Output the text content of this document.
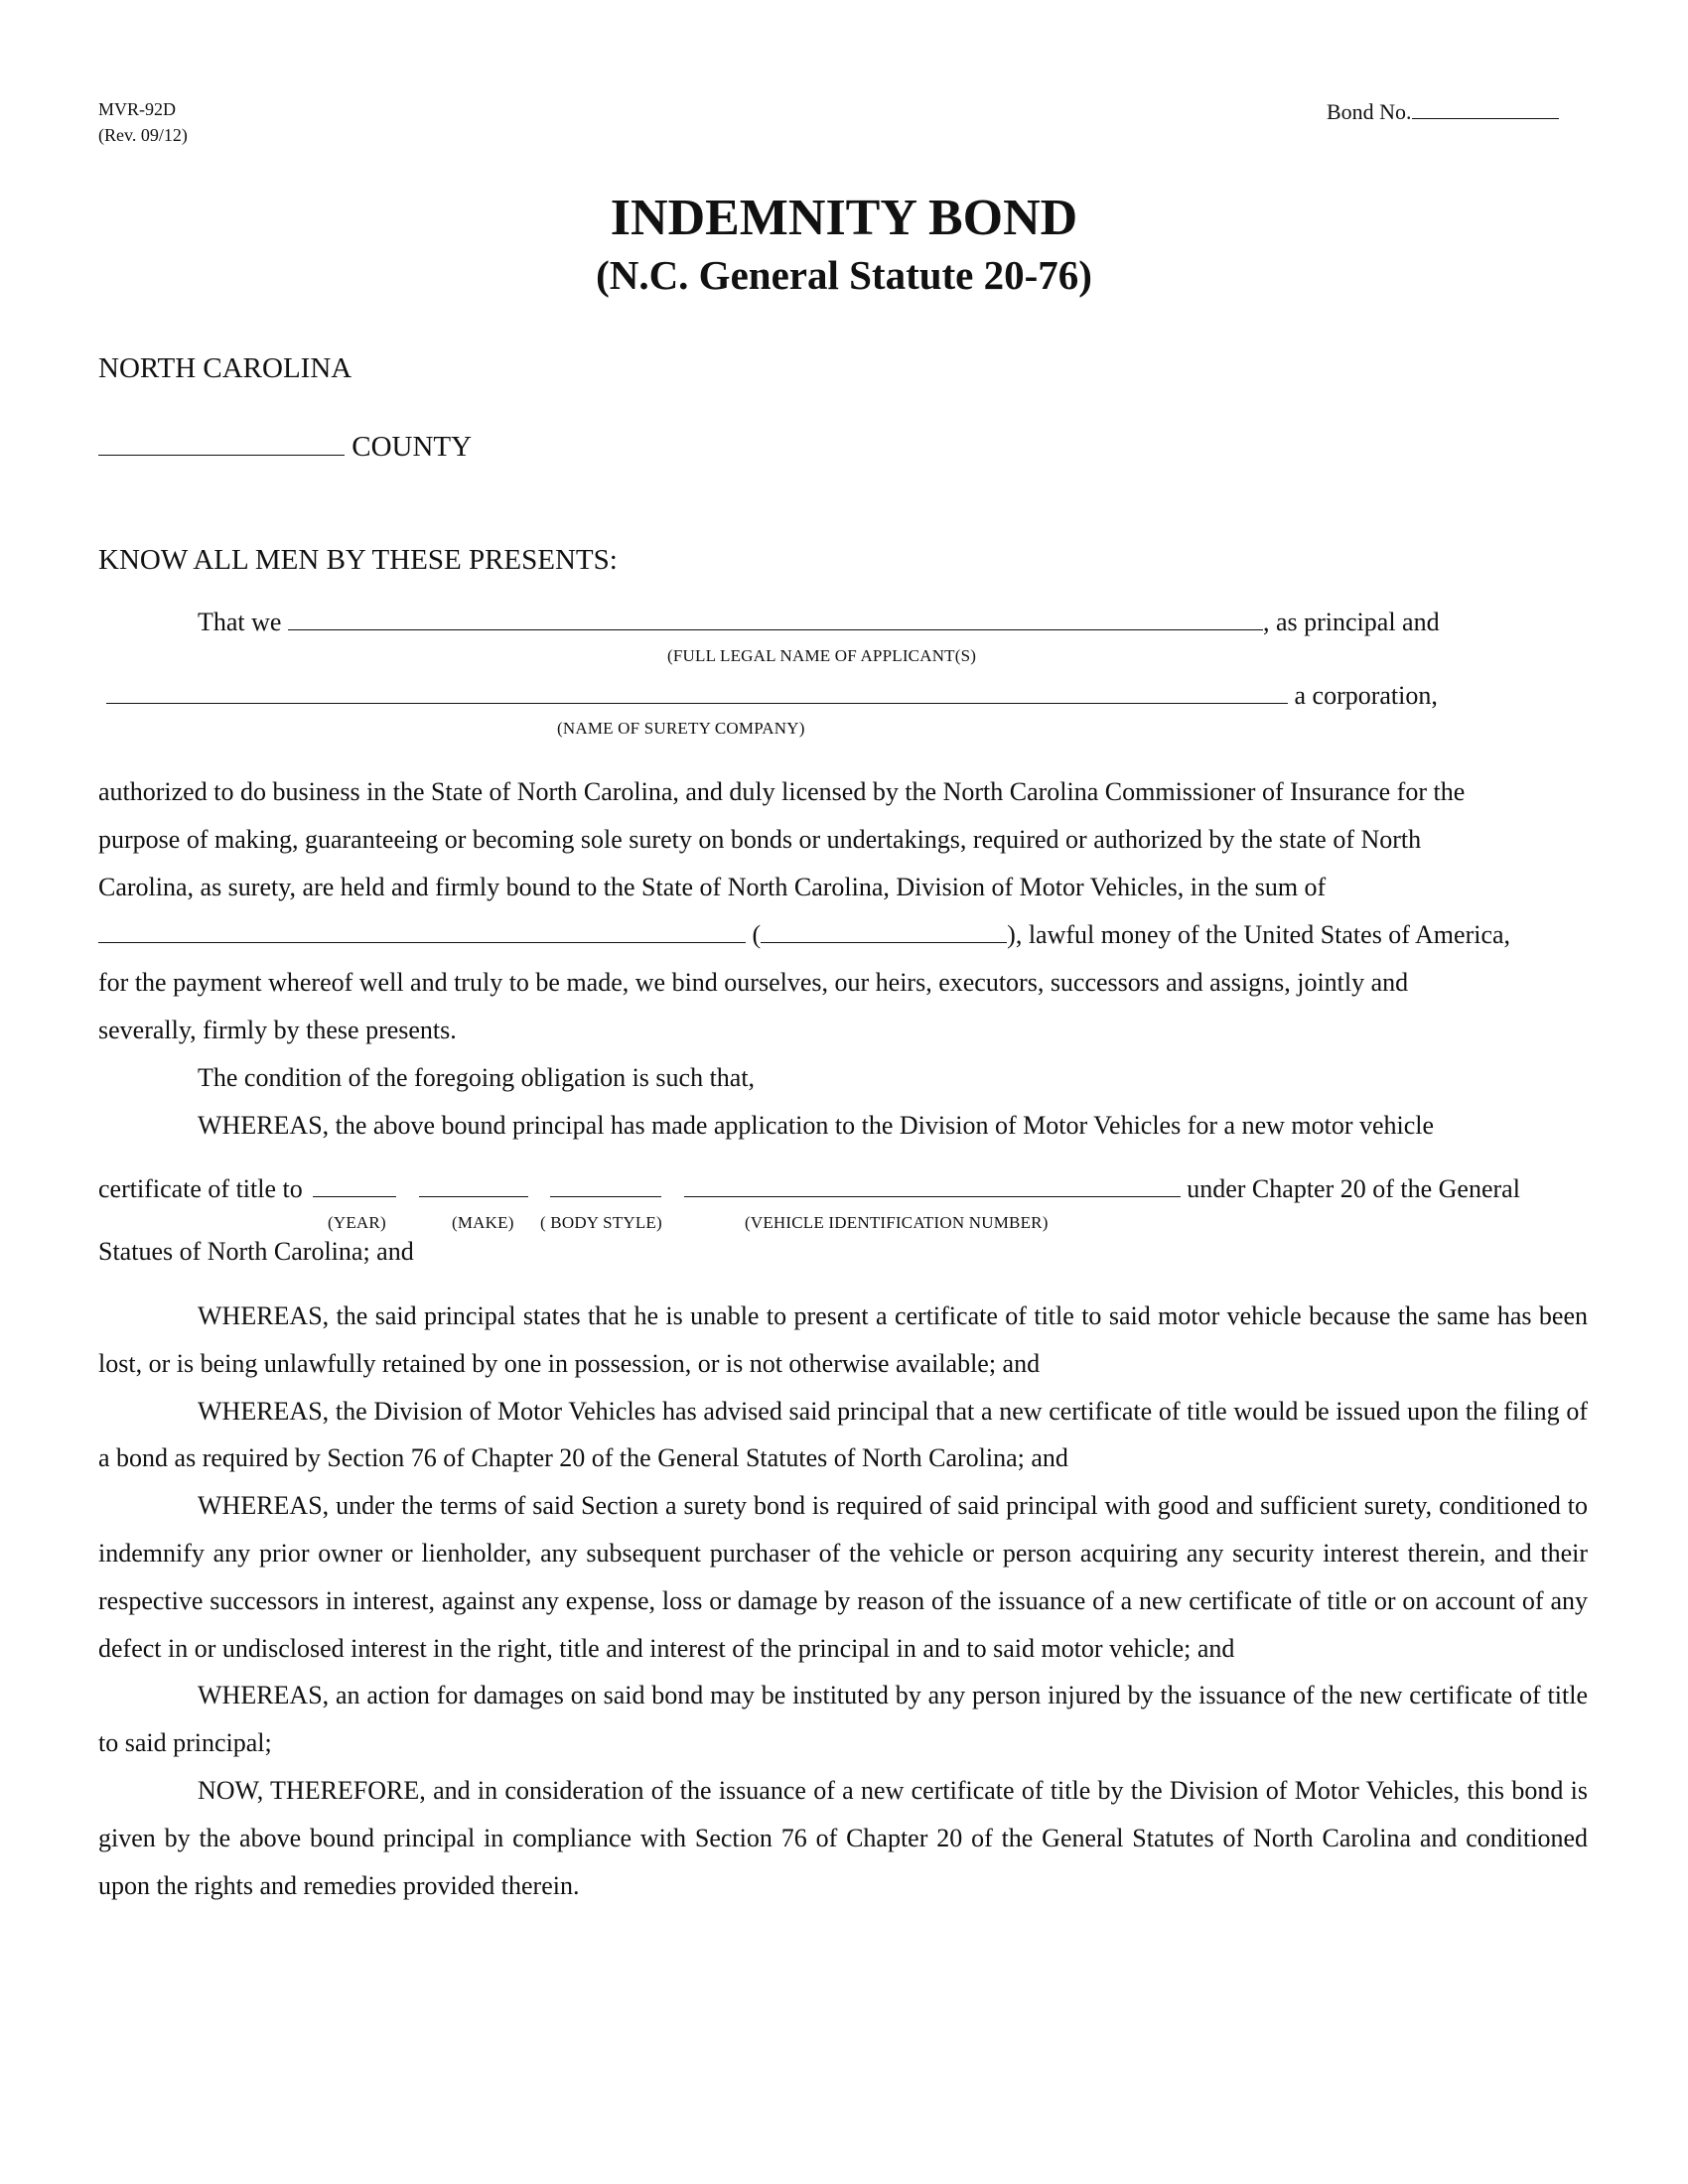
MVR-92D
(Rev. 09/12)
Bond No.
INDEMNITY BOND
(N.C. General Statute 20-76)
NORTH CAROLINA
COUNTY
KNOW ALL MEN BY THESE PRESENTS:
That we	, as principal and
(FULL LEGAL NAME OF APPLICANT(S)
a corporation,
(NAME OF SURETY COMPANY)
authorized to do business in the State of North Carolina, and duly licensed by the North Carolina Commissioner of Insurance for the
purpose of making, guaranteeing or becoming sole surety on bonds or undertakings, required or authorized by the state of North
Carolina, as surety, are held and firmly bound to the State of North Carolina, Division of Motor Vehicles, in the sum of
(	), lawful money of the United States of America,
for the payment whereof well and truly to be made, we bind ourselves, our heirs, executors, successors and assigns, jointly and
severally, firmly by these presents.
The condition of the foregoing obligation is such that,
WHEREAS, the above bound principal has made application to the Division of Motor Vehicles for a new motor vehicle
certificate of title to	under Chapter 20 of the General
(YEAR)	(MAKE) ( BODY STYLE)	(VEHICLE IDENTIFICATION NUMBER)
Statues of North Carolina; and

WHEREAS, the said principal states that he is unable to present a certificate of title to said motor vehicle because the same has been lost, or is being unlawfully retained by one in possession, or is not otherwise available; and

WHEREAS, the Division of Motor Vehicles has advised said principal that a new certificate of title would be issued upon the filing of a bond as required by Section 76 of Chapter 20 of the General Statutes of North Carolina; and

WHEREAS, under the terms of said Section a surety bond is required of said principal with good and sufficient surety, conditioned to indemnify any prior owner or lienholder, any subsequent purchaser of the vehicle or person acquiring any security interest therein, and their respective successors in interest, against any expense, loss or damage by reason of the issuance of a new certificate of title or on account of any defect in or undisclosed interest in the right, title and interest of the principal in and to said motor vehicle; and

WHEREAS, an action for damages on said bond may be instituted by any person injured by the issuance of the new certificate of title to said principal;

NOW, THEREFORE, and in consideration of the issuance of a new certificate of title by the Division of Motor Vehicles, this bond is given by the above bound principal in compliance with Section 76 of Chapter 20 of the General Statutes of North Carolina and conditioned upon the rights and remedies provided therein.
